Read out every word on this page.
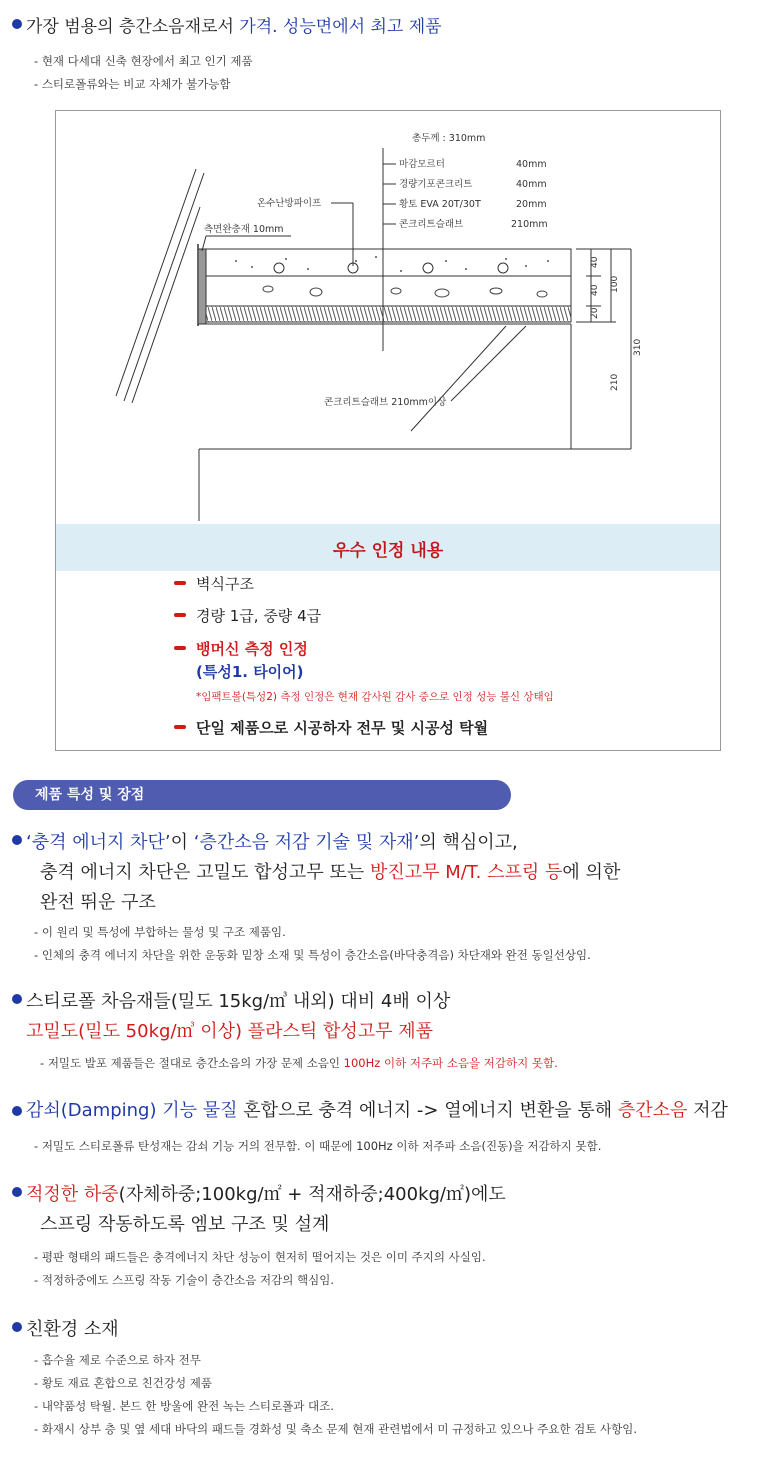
가장 범용의 층간소음재로서 가격. 성능면에서 최고 제품
- 현재 다세대 신축 현장에서 최고 인기 제품
- 스티로폴류와는 비교 자체가 불가능함
총두께 : 310mm
마감모르터	40mm
경량기포콘크리트	40mm
황토 EVA 20T/30T	20mm
콘크리트슬래브	210mm
온수난방파이프
측면완충재 10mm
콘크리트슬래브 210mm이상
40
40
20
100
310
210
우수 인정 내용
벽식구조
경량 1급, 중량 4급
뱅머신 측정 인정
(특성1. 타이어)
*임팩트볼(특성2) 측정 인정은 현재 감사원 감사 중으로 인정 성능 불신 상태임
단일 제품으로 시공하자 전무 및 시공성 탁월
제품 특성 및 장점
‘충격 에너지 차단’이 ‘층간소음 저감 기술 및 자재’의 핵심이고,
충격 에너지 차단은 고밀도 합성고무 또는 방진고무 M/T. 스프링 등에 의한
완전 뛰운 구조
- 이 원리 및 특성에 부합하는 물성 및 구조 제품임.
- 인체의 충격 에너지 차단을 위한 운동화 밑창 소재 및 특성이 층간소음(바닥충격음) 차단재와 완전 동일선상임.
스티로폴 차음재들(밀도 15kg/㎥ 내외) 대비 4배 이상
고밀도(밀도 50kg/㎥ 이상) 플라스틱 합성고무 제품
- 저밀도 발포 제품들은 절대로 층간소음의 가장 문제 소음인 100Hz 이하 저주파 소음을 저감하지 못함.
감쇠(Damping) 기능 물질 혼합으로 충격 에너지 -> 열에너지 변환을 통해 층간소음 저감
- 저밀도 스티로폴류 탄성재는 감쇠 기능 거의 전무함. 이 때문에 100Hz 이하 저주파 소음(진동)을 저감하지 못함.
적정한 하중(자체하중;100kg/㎡ + 적재하중;400kg/㎡)에도
스프링 작동하도록 엠보 구조 및 설계
- 평판 형태의 패드들은 충격에너지 차단 성능이 현저히 떨어지는 것은 이미 주지의 사실임.
- 적정하중에도 스프링 작동 기술이 층간소음 저감의 핵심임.
친환경 소재
- 흡수율 제로 수준으로 하자 전무
- 황토 재료 혼합으로 친건강성 제품
- 내약품성 탁월. 본드 한 방울에 완전 녹는 스티로폴과 대조.
- 화재시 상부 층 및 옆 세대 바닥의 패드들 경화성 및 축소 문제 현재 관련법에서 미 규정하고 있으나 주요한 검토 사항임.
